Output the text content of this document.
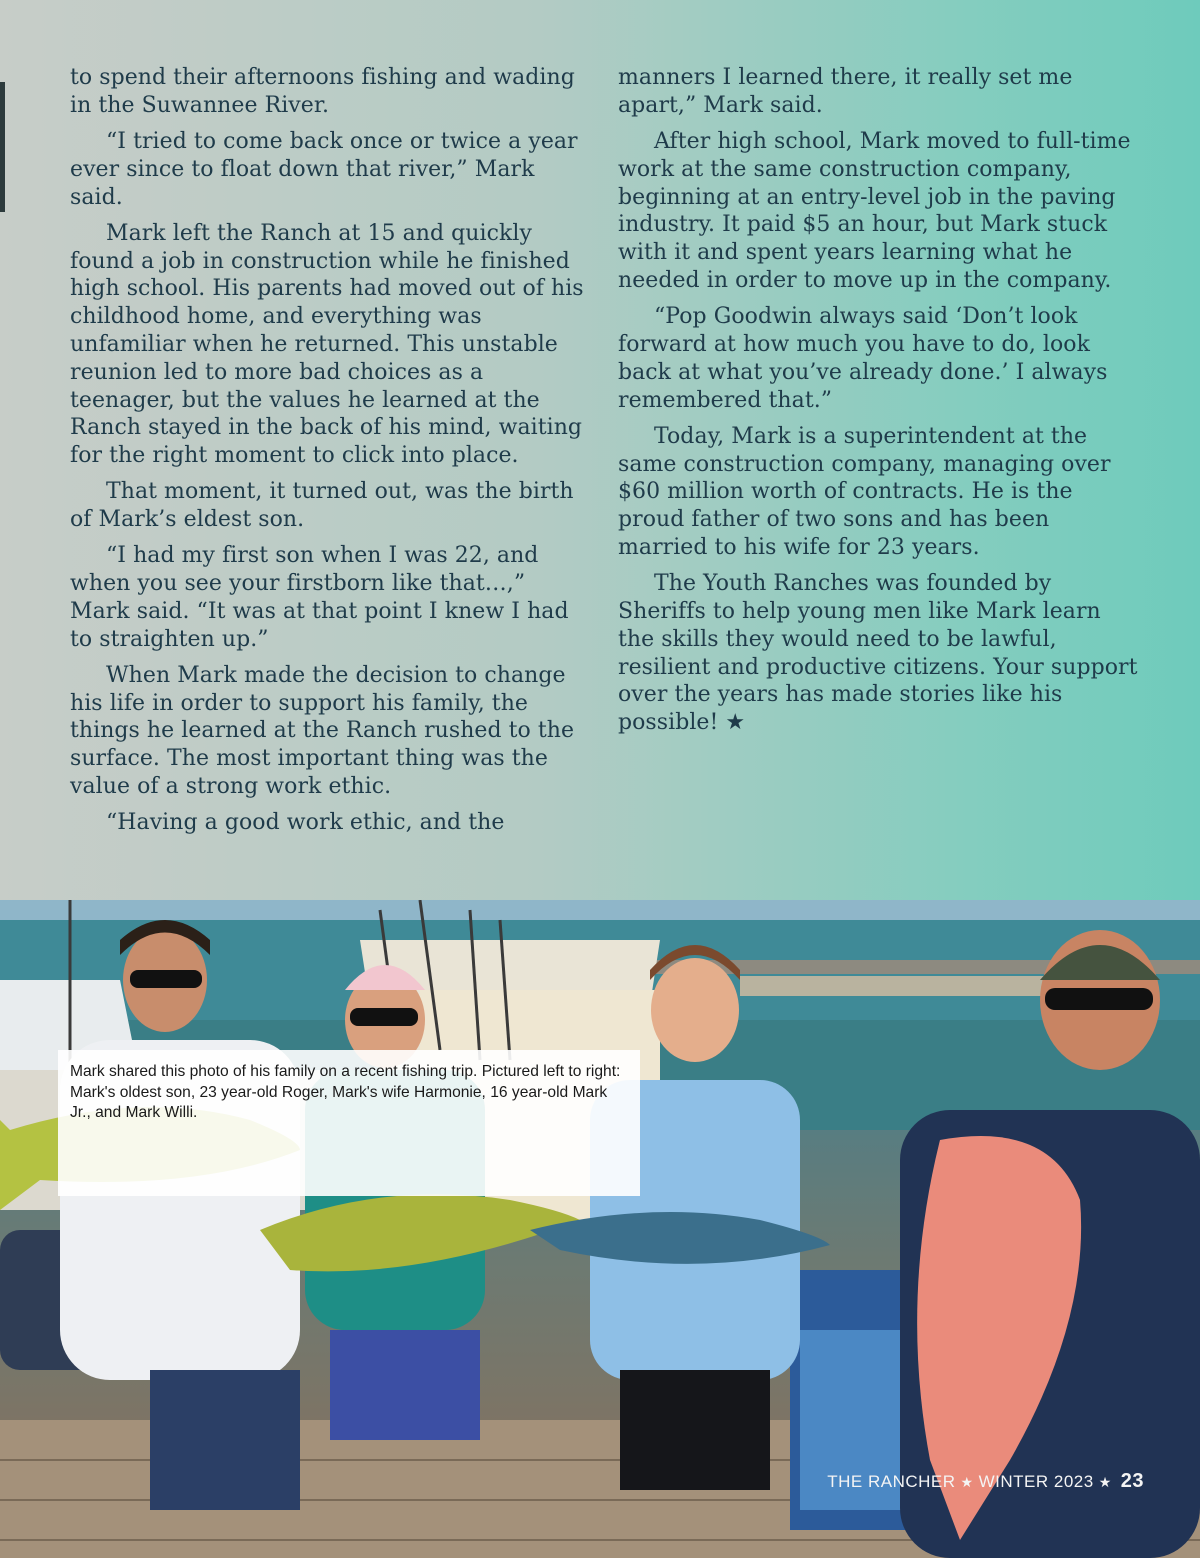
to spend their afternoons fishing and wading in the Suwannee River.

“I tried to come back once or twice a year ever since to float down that river,” Mark said.

Mark left the Ranch at 15 and quickly found a job in construction while he finished high school. His parents had moved out of his childhood home, and everything was unfamiliar when he returned. This unstable reunion led to more bad choices as a teenager, but the values he learned at the Ranch stayed in the back of his mind, waiting for the right moment to click into place.

That moment, it turned out, was the birth of Mark’s eldest son.

“I had my first son when I was 22, and when you see your firstborn like that…,” Mark said. “It was at that point I knew I had to straighten up.”

When Mark made the decision to change his life in order to support his family, the things he learned at the Ranch rushed to the surface. The most important thing was the value of a strong work ethic.

“Having a good work ethic, and the

manners I learned there, it really set me apart,” Mark said.

After high school, Mark moved to full-time work at the same construction company, beginning at an entry-level job in the paving industry. It paid $5 an hour, but Mark stuck with it and spent years learning what he needed in order to move up in the company.

“Pop Goodwin always said ‘Don’t look forward at how much you have to do, look back at what you’ve already done.’ I always remembered that.”

Today, Mark is a superintendent at the same construction company, managing over $60 million worth of contracts. He is the proud father of two sons and has been married to his wife for 23 years.

The Youth Ranches was founded by Sheriffs to help young men like Mark learn the skills they would need to be lawful, resilient and productive citizens. Your support over the years has made stories like his possible! ★

Mark shared this photo of his family on a recent fishing trip. Pictured left to right: Mark's oldest son, 23 year-old Roger, Mark's wife Harmonie, 16 year-old Mark Jr., and Mark Willi.

THE RANCHER ★ WINTER 2023 ★ 23
